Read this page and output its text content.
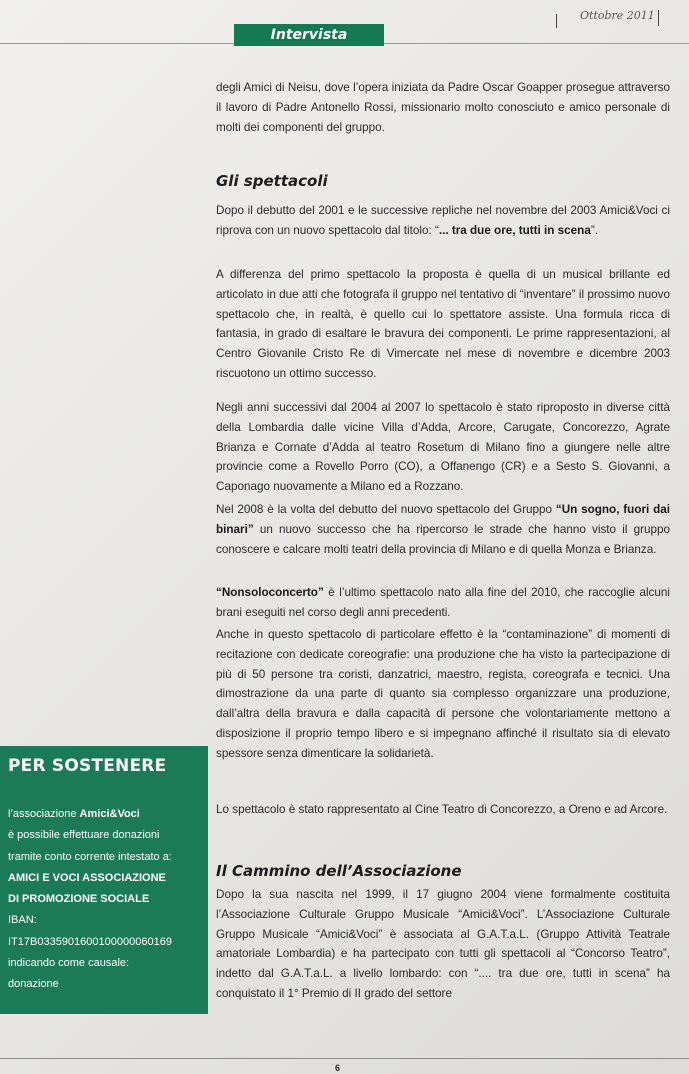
Ottobre 2011
Intervista
degli Amici di Neisu, dove l’opera iniziata da Padre Oscar Goapper prosegue attraverso il lavoro di Padre Antonello Rossi, missionario molto conosciuto e amico personale di molti dei componenti del gruppo.
Gli spettacoli
Dopo il debutto del 2001 e le successive repliche nel novembre del 2003 Amici&Voci ci riprova con un nuovo spettacolo dal titolo: “... tra due ore, tutti in scena”.
A differenza del primo spettacolo la proposta è quella di un musical brillante ed articolato in due atti che fotografa il gruppo nel tentativo di “inventare” il prossimo nuovo spettacolo che, in realtà, è quello cui lo spettatore assiste. Una formula ricca di fantasia, in grado di esaltare le bravura dei componenti. Le prime rappresentazioni, al Centro Giovanile Cristo Re di Vimercate nel mese di novembre e dicembre 2003 riscuotono un ottimo successo.
Negli anni successivi dal 2004 al 2007 lo spettacolo è stato riproposto in diverse città della Lombardia dalle vicine Villa d’Adda, Arcore, Carugate, Concorezzo, Agrate Brianza e Cornate d’Adda al teatro Rosetum di Milano fino a giungere nelle altre provincie come a Rovello Porro (CO), a Offanengo (CR) e a Sesto S. Giovanni, a Caponago nuovamente a Milano ed a Rozzano.
Nel 2008 è la volta del debutto del nuovo spettacolo del Gruppo “Un sogno, fuori dai binari” un nuovo successo che ha ripercorso le strade che hanno visto il gruppo conoscere e calcare molti teatri della provincia di Milano e di quella Monza e Brianza.
“Nonsoloconcerto” è l’ultimo spettacolo nato alla fine del 2010, che raccoglie alcuni brani eseguiti nel corso degli anni precedenti.
Anche in questo spettacolo di particolare effetto è la “contaminazione” di momenti di recitazione con dedicate coreografie: una produzione che ha visto la partecipazione di più di 50 persone tra coristi, danzatrici, maestro, regista, coreografa e tecnici. Una dimostrazione da una parte di quanto sia complesso organizzare una produzione, dall’altra della bravura e dalla capacità di persone che volontariamente mettono a disposizione il proprio tempo libero e si impegnano affinché il risultato sia di elevato spessore senza dimenticare la solidarietà.
Lo spettacolo è stato rappresentato al Cine Teatro di Concorezzo, a Oreno e ad Arcore.
Il Cammino dell’Associazione
Dopo la sua nascita nel 1999, il 17 giugno 2004 viene formalmente costituita l’Associazione Culturale Gruppo Musicale “Amici&Voci”. L’Associazione Culturale Gruppo Musicale “Amici&Voci” è associata al G.A.T.a.L. (Gruppo Attività Teatrale amatoriale Lombardia) e ha partecipato con tutti gli spettacoli al “Concorso Teatro”, indetto dal G.A.T.a.L. a livello lombardo: con “.... tra due ore, tutti in scena” ha conquistato il 1° Premio di II grado del settore
PER SOSTENERE
l’associazione Amici&Voci
è possibile effettuare donazioni
tramite conto corrente intestato a:
AMICI E VOCI ASSOCIAZIONE
DI PROMOZIONE SOCIALE
IBAN:
IT17B0335901600100000060169
indicando come causale:
donazione
6
